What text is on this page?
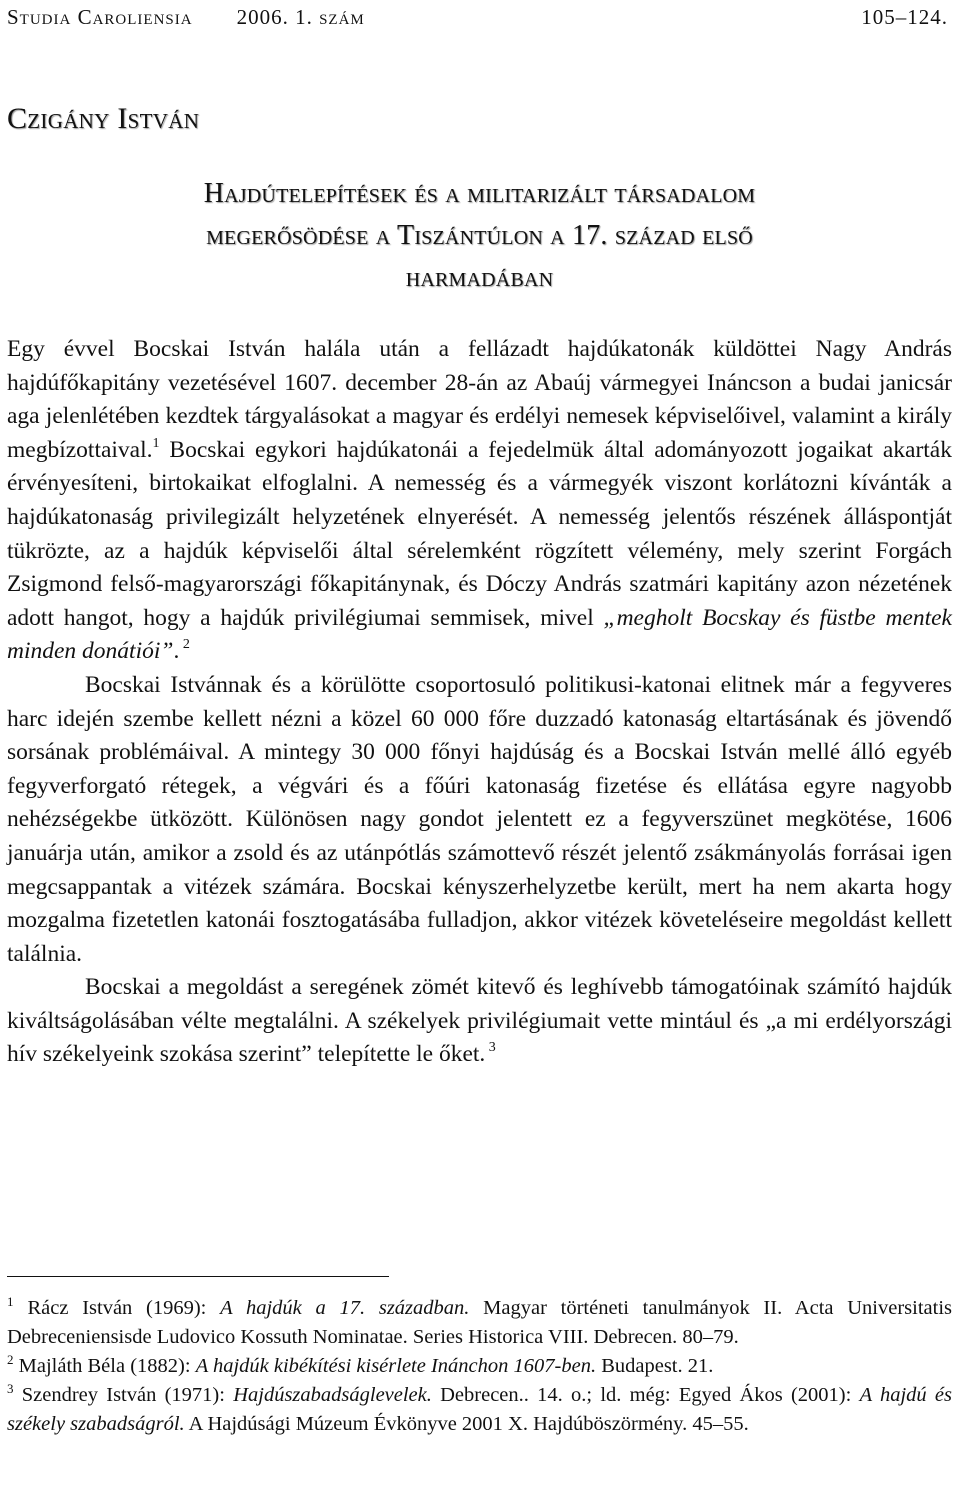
Studia Caroliensia 2006. 1. szám	105–124.
Czigány István
Hajdútelepítések és a militarizált társadalom
megerősödése a Tiszántúlon a 17. század első
harmadában

Egy évvel Bocskai István halála után a fellázadt hajdúkatonák küldöttei Nagy András hajdúfőkapitány vezetésével 1607. december 28-án az Abaúj vármegyei Ináncson a budai janicsár aga jelenlétében kezdtek tárgyalásokat a magyar és erdélyi nemesek képviselőivel, valamint a király megbízottaival.$^1$ Bocskai egykori hajdúkatonái a fejedelmük által adományozott jogaikat akarták érvényesíteni, birtokaikat elfoglalni. A nemesség és a vármegyék viszont korlátozni kívánták a hajdúkatonaság privilegizált helyzetének elnyerését. A nemesség jelentős részének álláspontját tükrözte, az a hajdúk képviselői által sérelemként rögzített vélemény, mely szerint Forgách Zsigmond felső-magyarországi főkapitánynak, és Dóczy András szatmári kapitány azon nézetének adott hangot, hogy a hajdúk privilégiumai semmisek, mivel „megholt Bocskay és füstbe mentek minden donátiói”. $^2$

Bocskai Istvánnak és a körülötte csoportosuló politikusi-katonai elitnek már a fegyveres harc idején szembe kellett nézni a közel 60 000 főre duzzadó katonaság eltartásának és jövendő sorsának problémáival. A mintegy 30 000 főnyi hajdúság és a Bocskai István mellé álló egyéb fegyverforgató rétegek, a végvári és a főúri katonaság fizetése és ellátása egyre nagyobb nehézségekbe ütközött. Különösen nagy gondot jelentett ez a fegyverszünet megkötése, 1606 januárja után, amikor a zsold és az utánpótlás számottevő részét jelentő zsákmányolás forrásai igen megcsappantak a vitézek számára. Bocskai kényszerhelyzetbe került, mert ha nem akarta hogy mozgalma fizetetlen katonái fosztogatásába fulladjon, akkor vitézek követeléseire megoldást kellett találnia.

Bocskai a megoldást a seregének zömét kitevő és leghívebb támogatóinak számító hajdúk kiváltságolásában vélte megtalálni. A székelyek privilégiumait vette mintául és „a mi erdélyországi hív székelyeink szokása szerint” telepítette le őket. $^3$

$^1$ Rácz István (1969): A hajdúk a 17. században. Magyar történeti tanulmányok II. Acta Universitatis Debreceniensisde Ludovico Kossuth Nominatae. Series Historica VIII. Debrecen. 80–79.

$^2$ Majláth Béla (1882): A hajdúk kibékítési kisérlete Inánchon 1607-ben. Budapest. 21.

$^3$ Szendrey István (1971): Hajdúszabadságlevelek. Debrecen.. 14. o.; ld. még: Egyed Ákos (2001): A hajdú és székely szabadságról. A Hajdúsági Múzeum Évkönyve 2001 X. Hajdúböszörmény. 45–55.
